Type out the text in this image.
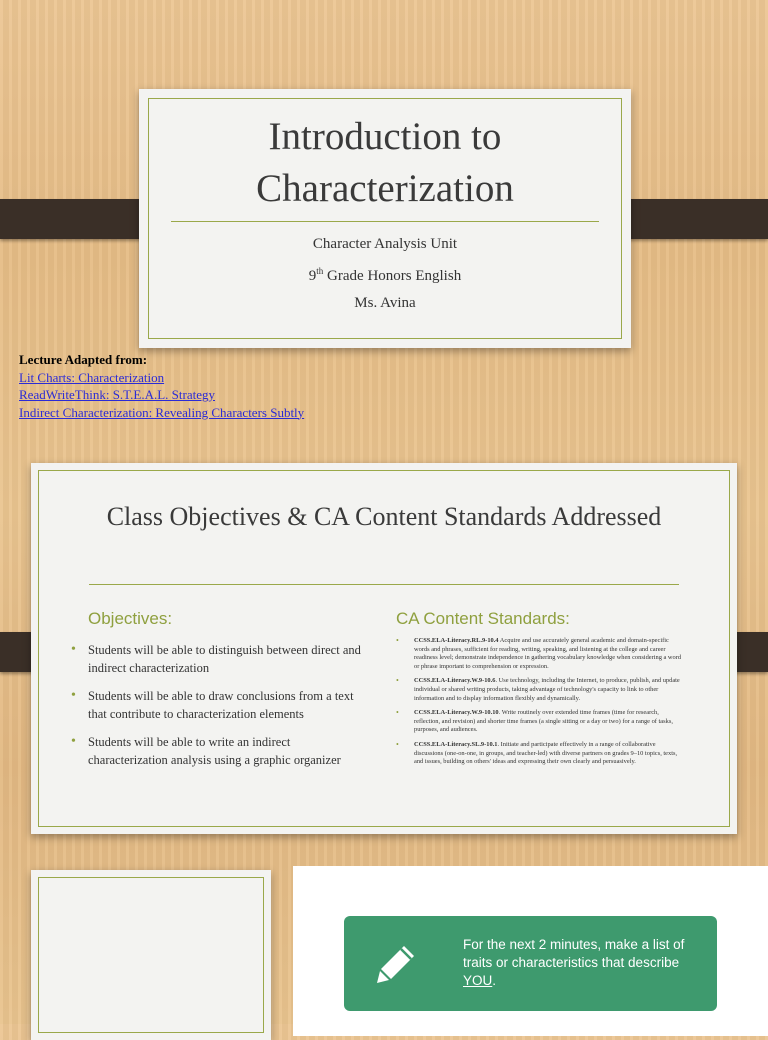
Introduction to
Characterization
Character Analysis Unit
9th Grade Honors English
Ms. Avina
Lecture Adapted from:
Lit Charts: Characterization
ReadWriteThink: S.T.E.A.L. Strategy
Indirect Characterization: Revealing Characters Subtly
Class Objectives & CA Content Standards Addressed
Objectives:	CA Content Standards:
• Students will be able to distinguish between direct and indirect characterization
• Students will be able to draw conclusions from a text that contribute to characterization elements
• Students will be able to write an indirect characterization analysis using a graphic organizer
• CCSS.ELA-Literacy.RL.9-10.4 Acquire and use accurately general academic and domain-specific words and phrases, sufficient for reading, writing, speaking, and listening at the college and career readiness level; demonstrate independence in gathering vocabulary knowledge when considering a word or phrase important to comprehension or expression.
• CCSS.ELA-Literacy.W.9-10.6. Use technology, including the Internet, to produce, publish, and update individual or shared writing products, taking advantage of technology's capacity to link to other information and to display information flexibly and dynamically.
• CCSS.ELA-Literacy.W.9-10.10. Write routinely over extended time frames (time for research, reflection, and revision) and shorter time frames (a single sitting or a day or two) for a range of tasks, purposes, and audiences.
• CCSS.ELA-Literacy.SL.9-10.1. Initiate and participate effectively in a range of collaborative discussions (one-on-one, in groups, and teacher-led) with diverse partners on grades 9–10 topics, texts, and issues, building on others' ideas and expressing their own clearly and persuasively.
For the next 2 minutes, make a list of traits or characteristics that describe YOU.
